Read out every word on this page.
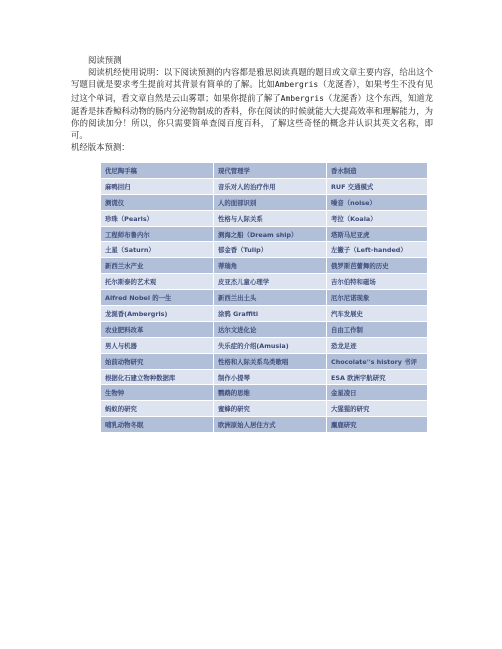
阅读预测

阅读机经使用说明：以下阅读预测的内容都是雅思阅读真题的题目或文章主要内容，给出这个写题目就是要求考生提前对其背景有简单的了解。比如Ambergris（龙涎香），如果考生不没有见过这个单词，看文章自然是云山雾罩；如果你提前了解了Ambergris（龙涎香）这个东西，知道龙涎香是抹香鲸科动物的肠内分泌物制成的香料，你在阅读的时候就能大大提高效率和理解能力，为你的阅读加分！所以，你只需要简单查阅百度百科，了解这些奇怪的概念并认识其英文名称，即可。

机经版本预测：

优尼陶手稿	现代管理学	香水制造
麻鸭回归	音乐对人的治疗作用	RUF 交通模式
测谎仪	人的面部识别	噪音（noise）
珍珠（Pearls）	性格与人际关系	考拉（Koala）
工程师布鲁内尔	测海之船（Dream ship）	塔斯马尼亚虎
土星（Saturn）	郁金香（Tulip）	左撇子（Left-handed）
新西兰水产业	蒂瑞角	俄罗斯芭蕾舞的历史
托尔斯泰的艺术观	皮亚杰儿童心理学	吉尔伯特和磁场
Alfred Nobel 的一生	新西兰出土头	厄尔尼诺现象
龙涎香(Ambergris)	涂鸦 Graffiti	汽车发展史
农业肥料改革	达尔文进化论	自由工作制
男人与机器	失乐症的介绍(Amusia)	恐龙足迹
始前动物研究	性格和人际关系鸟类歌唱	Chocolate''s history 书评
根据化石建立物种数据库	制作小提琴	ESA 欧洲宇航研究
生物钟	鹦鹉的思维	金星凌日
蚂蚁的研究	蜜蜂的研究	大猩猩的研究
哺乳动物冬眠	欧洲原始人居住方式	麋鹿研究
